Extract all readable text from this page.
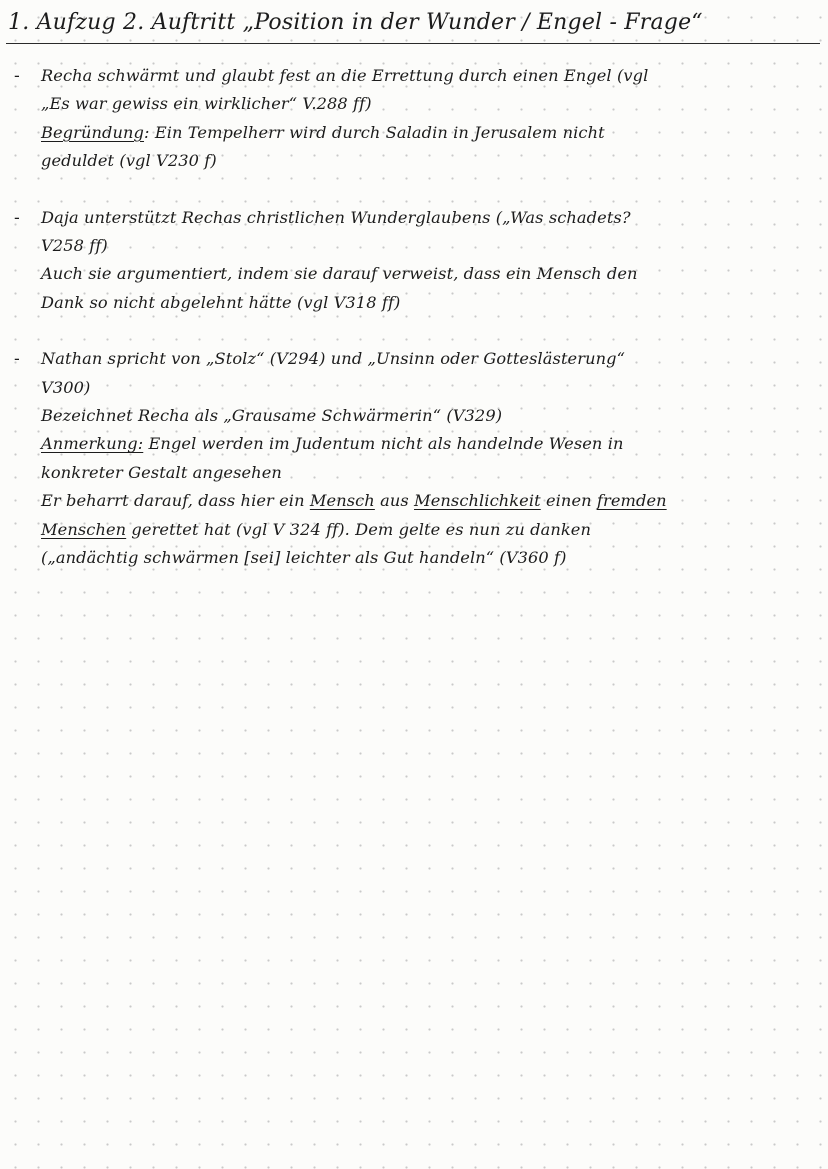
1. Aufzug 2. Auftritt „Position in der Wunder / Engel - Frage“
-	Recha schwärmt und glaubt fest an die Errettung durch einen Engel (vgl
„Es war gewiss ein wirklicher“ V.288 ff)
Begründung: Ein Tempelherr wird durch Saladin in Jerusalem nicht
geduldet (vgl V230 f)
-	Daja unterstützt Rechas christlichen Wunderglaubens („Was schadets?
V258 ff)
Auch sie argumentiert, indem sie darauf verweist, dass ein Mensch den
Dank so nicht abgelehnt hätte (vgl V318 ff)
-	Nathan spricht von „Stolz“ (V294) und „Unsinn oder Gotteslästerung“
V300)
Bezeichnet Recha als „Grausame Schwärmerin“ (V329)
Anmerkung: Engel werden im Judentum nicht als handelnde Wesen in
konkreter Gestalt angesehen
Er beharrt darauf, dass hier ein Mensch aus Menschlichkeit einen fremden
Menschen gerettet hat (vgl V 324 ff). Dem gelte es nun zu danken
(„andächtig schwärmen [sei] leichter als Gut handeln“ (V360 f)
